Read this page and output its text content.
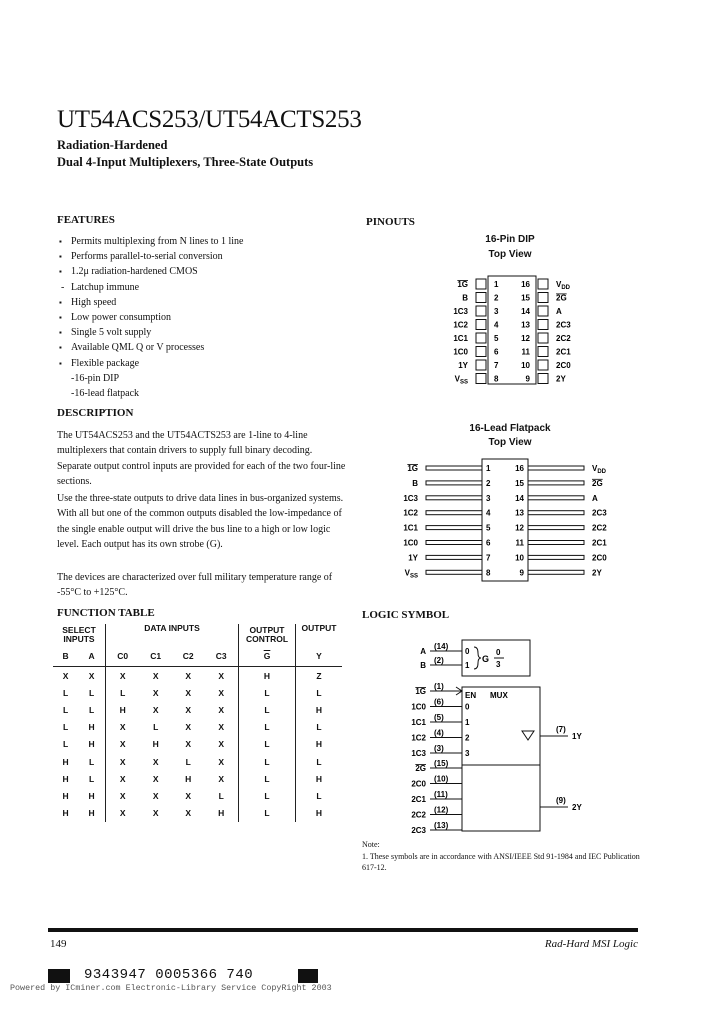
UT54ACS253/UT54ACTS253
Radiation-Hardened
Dual 4-Input Multiplexers, Three-State Outputs
FEATURES
▪ Permits multiplexing from N lines to 1 line
▪ Performs parallel-to-serial conversion
▪ 1.2μ radiation-hardened CMOS
- Latchup immune
▪ High speed
▪ Low power consumption
▪ Single 5 volt supply
▪ Available QML Q or V processes
▪ Flexible package
-16-pin DIP
-16-lead flatpack
DESCRIPTION
The UT54ACS253 and the UT54ACTS253 are 1-line to 4-line multiplexers that contain drivers to supply full binary decoding. Separate output control inputs are provided for each of the two four-line sections.
Use the three-state outputs to drive data lines in bus-organized systems. With all but one of the common outputs disabled the low-impedance of the single enable output will drive the bus line to a high or low logic level. Each output has its own strobe (G).
The devices are characterized over full military temperature range of -55°C to +125°C.
FUNCTION TABLE
SELECT INPUTS		DATA INPUTS				OUTPUT CONTROL	OUTPUT
B	A	C0	C1	C2	C3	$\overline{G}$	Y
X	X	X	X	X	X	H	Z
L	L	L	X	X	X	L	L
L	L	H	X	X	X	L	H
L	H	X	L	X	X	L	L
L	H	X	H	X	X	L	H
H	L	X	X	L	X	L	L
H	L	X	X	H	X	L	H
H	H	X	X	X	L	L	L
H	H	X	X	X	H	L	H
PINOUTS
16-Pin DIP
Top View
1G	1
B	2
1C3	3
1C2	4
1C1	5
1C0	6
1Y	7
$V_{SS}$	8
$V_{DD}$
16
2G
15
A
14
2C3
13
2C2
12
2C1
11
2C0
10
2Y
9
16-Lead Flatpack
Top View
1G	1
B	2
1C3	3
1C2	4
1C1	5
1C0	6
1Y	7
$V_{SS}$	8
$V_{DD}$
16
2G
15
A
14
2C3
13
2C2
12
2C1
11
2C0
10
2Y
9
LOGIC SYMBOL
G
0
3
A
(14)
0
B
(2)
1
EN MUX
1G
(1)
1C0
(6)
0
1C1
(5)
1
1C2
(4)
2
1C3
(3)
3
2G
(15)
2C0
(10)
2C1
(11)
2C2
(12)
2C3
(13)
(7)
1Y
(9)
2Y
Note:
1. These symbols are in accordance with ANSI/IEEE Std 91-1984 and IEC Publication 617-12.
149	Rad-Hard MSI Logic
9343947 0005366 740
Powered by ICminer.com Electronic-Library Service CopyRight 2003
